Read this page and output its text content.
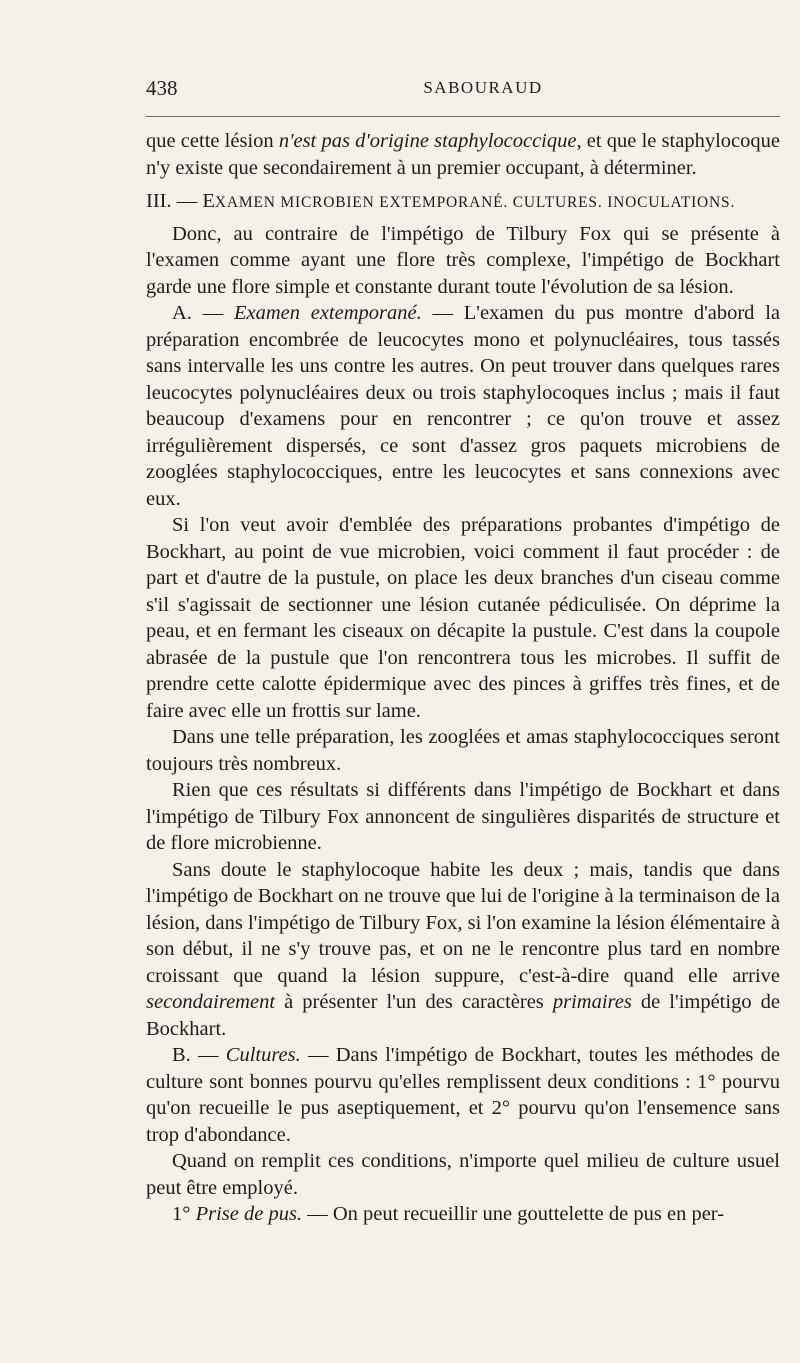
438	SABOURAUD

que cette lésion n'est pas d'origine staphylococcique, et que le staphylocoque n'y existe que secondairement à un premier occupant, à déterminer.

III. — EXAMEN MICROBIEN EXTEMPORANÉ. CULTURES. INOCULATIONS.

Donc, au contraire de l'impétigo de Tilbury Fox qui se présente à l'examen comme ayant une flore très complexe, l'impétigo de Bockhart garde une flore simple et constante durant toute l'évolution de sa lésion.

A. — Examen extemporané. — L'examen du pus montre d'abord la préparation encombrée de leucocytes mono et polynucléaires, tous tassés sans intervalle les uns contre les autres. On peut trouver dans quelques rares leucocytes polynucléaires deux ou trois staphylocoques inclus ; mais il faut beaucoup d'examens pour en rencontrer ; ce qu'on trouve et assez irrégulièrement dispersés, ce sont d'assez gros paquets microbiens de zooglées staphylococciques, entre les leucocytes et sans connexions avec eux.

Si l'on veut avoir d'emblée des préparations probantes d'impétigo de Bockhart, au point de vue microbien, voici comment il faut procéder : de part et d'autre de la pustule, on place les deux branches d'un ciseau comme s'il s'agissait de sectionner une lésion cutanée pédiculisée. On déprime la peau, et en fermant les ciseaux on décapite la pustule. C'est dans la coupole abrasée de la pustule que l'on rencontrera tous les microbes. Il suffit de prendre cette calotte épidermique avec des pinces à griffes très fines, et de faire avec elle un frottis sur lame.

Dans une telle préparation, les zooglées et amas staphylococciques seront toujours très nombreux.

Rien que ces résultats si différents dans l'impétigo de Bockhart et dans l'impétigo de Tilbury Fox annoncent de singulières disparités de structure et de flore microbienne.

Sans doute le staphylocoque habite les deux ; mais, tandis que dans l'impétigo de Bockhart on ne trouve que lui de l'origine à la terminaison de la lésion, dans l'impétigo de Tilbury Fox, si l'on examine la lésion élémentaire à son début, il ne s'y trouve pas, et on ne le rencontre plus tard en nombre croissant que quand la lésion suppure, c'est-à-dire quand elle arrive secondairement à présenter l'un des caractères primaires de l'impétigo de Bockhart.

B. — Cultures. — Dans l'impétigo de Bockhart, toutes les méthodes de culture sont bonnes pourvu qu'elles remplissent deux conditions : 1° pourvu qu'on recueille le pus aseptiquement, et 2° pourvu qu'on l'ensemence sans trop d'abondance.

Quand on remplit ces conditions, n'importe quel milieu de culture usuel peut être employé.

1° Prise de pus. — On peut recueillir une gouttelette de pus en per-
